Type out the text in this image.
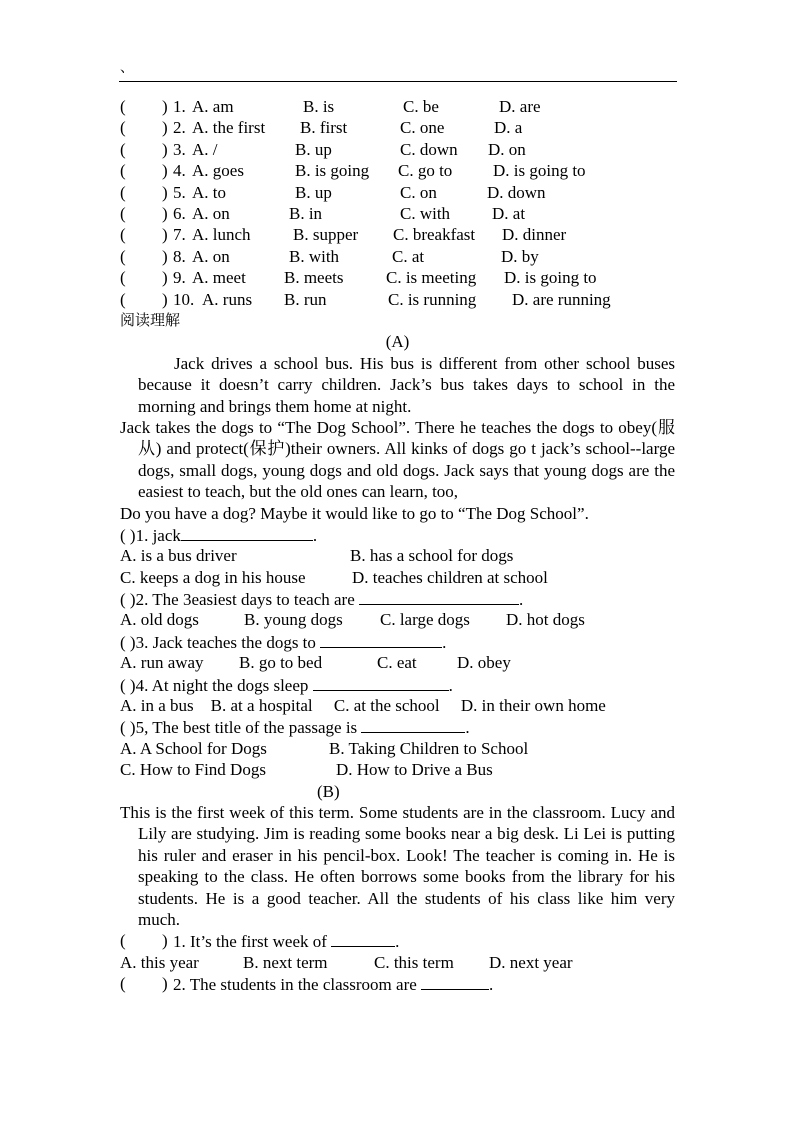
、
( ) 1. A. am	B. is	C. be	D. are
( ) 2. A. the first B. first	C. one	D. a
( ) 3. A. /	B. up	C. down D. on
( ) 4. A. goes	B. is going C. go to D. is going to
( ) 5. A. to	B. up	C. on	D. down
( ) 6. A. on	B. in	C. with D. at
( ) 7. A. lunch B. supper C. breakfast D. dinner
( ) 8. A. on	B. with	C. at	D. by
( ) 9. A. meet B. meets	C. is meeting D. is going to
( ) 10. A. runs B. run	C. is running D. are running
阅读理解
(A)
Jack drives a school bus. His bus is different from other school buses because it doesn’t carry children. Jack’s bus takes days to school in the morning and brings them home at night.
Jack takes the dogs to “The Dog School”. There he teaches the dogs to obey(服从) and protect(保护)their owners. All kinks of dogs go t jack’s school--large dogs, small dogs, young dogs and old dogs. Jack says that young dogs are the easiest to teach, but the old ones can learn, too,
Do you have a dog? Maybe it would like to go to “The Dog School”.
( )1. jack	.
A. is a bus driver	B. has a school for dogs
C. keeps a dog in his house	D. teaches children at school
( )2. The 3easiest days to teach are	.
A. old dogs	B. young dogs C. large dogs D. hot dogs
( )3. Jack teaches the dogs to	.
A. run away B. go to bed	C. eat D. obey
( )4. At night the dogs sleep	.
A. in a bus    B. at a hospital     C. at the school     D. in their own home
( )5, The best title of the passage is	.
A. A School for Dogs	B. Taking Children to School
C. How to Find Dogs	D. How to Drive a Bus
(B)
This is the first week of this term. Some students are in the classroom. Lucy and Lily are studying. Jim is reading some books near a big desk. Li Lei is putting his ruler and eraser in his pencil-box. Look! The teacher is coming in. He is speaking to the class. He often borrows some books from the library for his students. He is a good teacher. All the students of his class like him very much.
( ) 1. It’s the first week of	.
A. this year	B. next term	C. this term D. next year
( ) 2. The students in the classroom are	.
